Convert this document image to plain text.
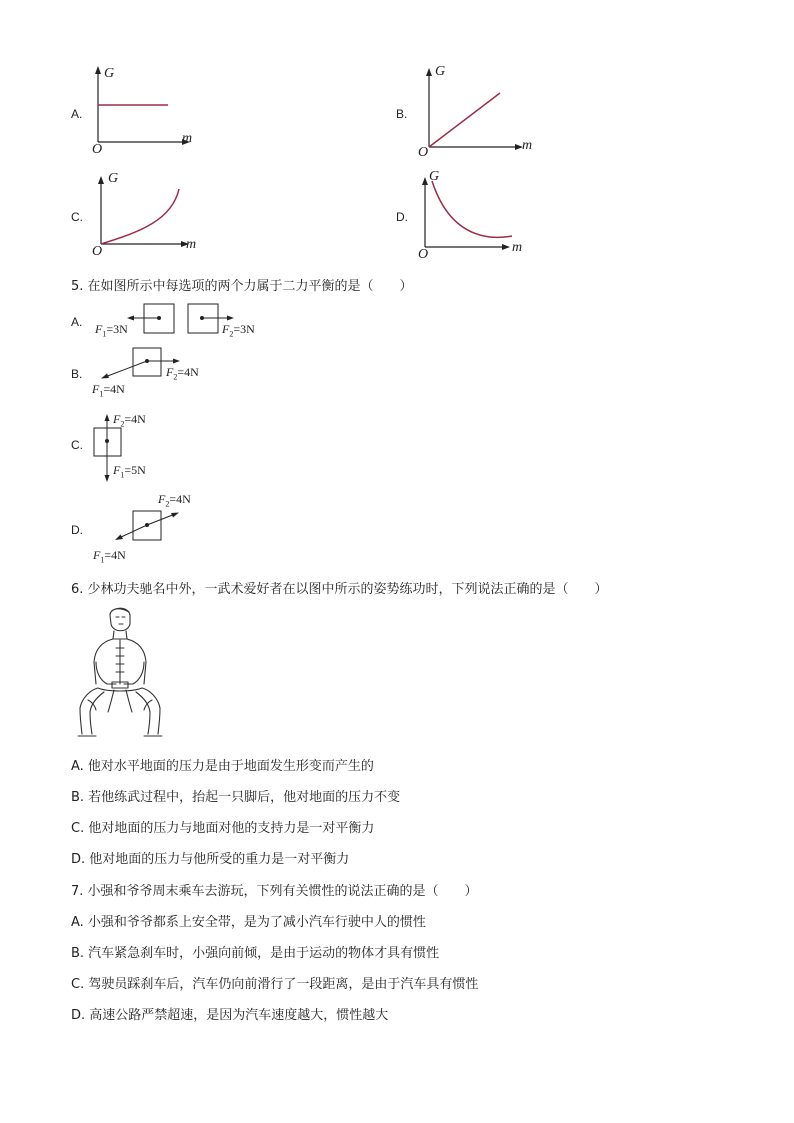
A.
G
m
O
B.
G
m
O
C.
G
m
O
D.
G
m
O
5. 在如图所示中每选项的两个力属于二力平衡的是（　　）
A. $F_1=3N$	$F_2=3N$
B.
$F_1=4N$
$F_2=4N$
C.
$F_2=4N$
$F_1=5N$
D.
$F_2=4N$
$F_1=4N$
6. 少林功夫驰名中外，一武术爱好者在以图中所示的姿势练功时，下列说法正确的是（　　）
A. 他对水平地面的压力是由于地面发生形变而产生的
B. 若他练武过程中，抬起一只脚后，他对地面的压力不变
C. 他对地面的压力与地面对他的支持力是一对平衡力
D. 他对地面的压力与他所受的重力是一对平衡力
7. 小强和爷爷周末乘车去游玩，下列有关惯性的说法正确的是（　　）
A. 小强和爷爷都系上安全带，是为了减小汽车行驶中人的惯性
B. 汽车紧急刹车时，小强向前倾，是由于运动的物体才具有惯性
C. 驾驶员踩刹车后，汽车仍向前滑行了一段距离，是由于汽车具有惯性
D. 高速公路严禁超速，是因为汽车速度越大，惯性越大
